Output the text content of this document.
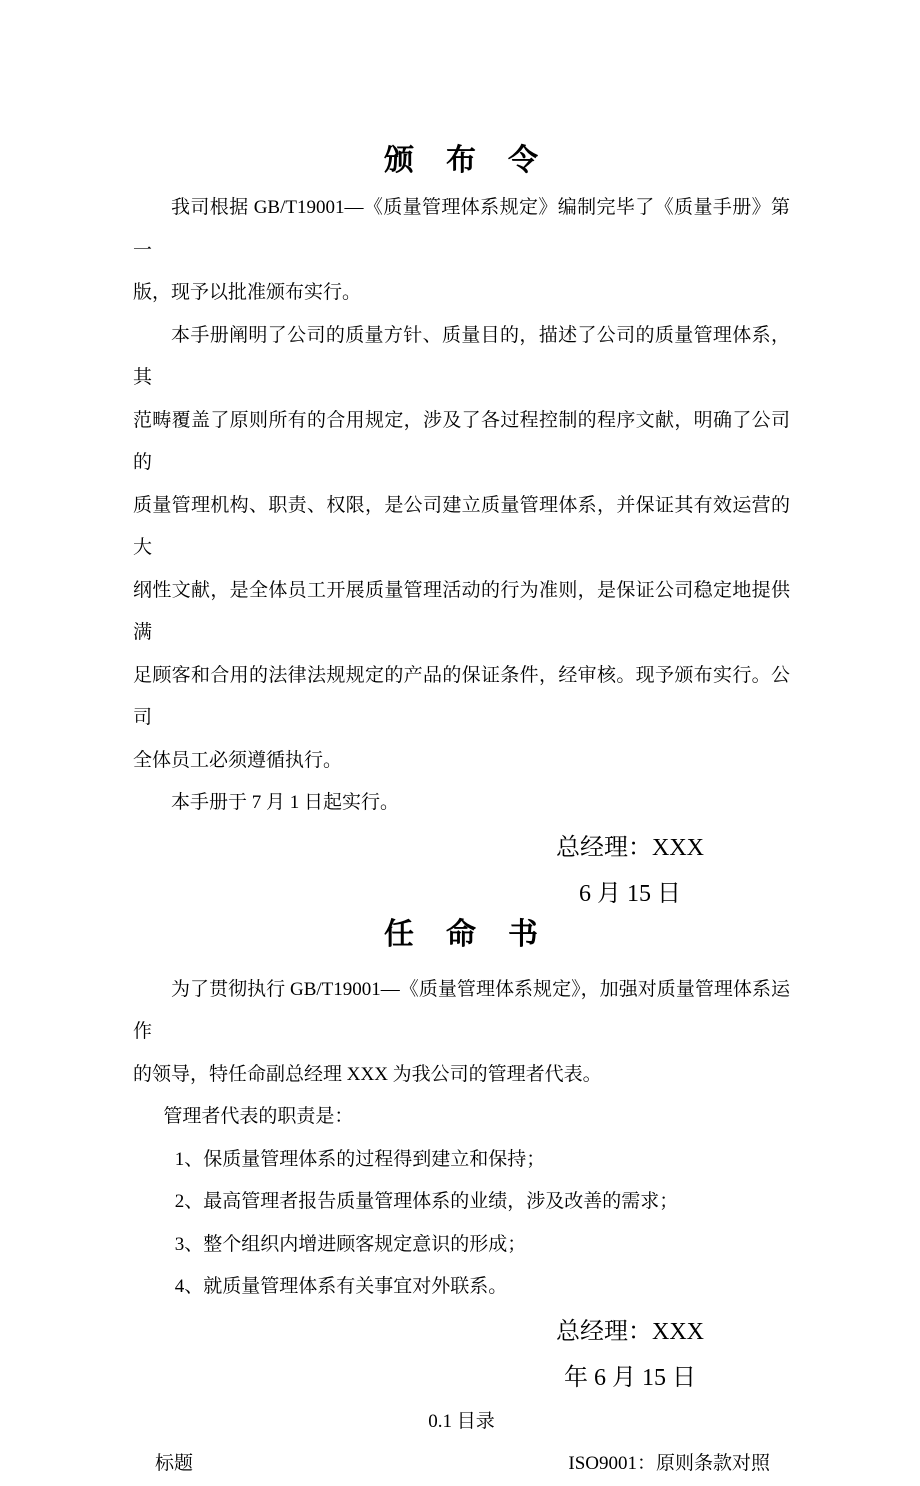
颁　布　令
我司根据 GB/T19001—《质量管理体系规定》编制完毕了《质量手册》第一
版，现予以批准颁布实行。
本手册阐明了公司的质量方针、质量目的，描述了公司的质量管理体系，其
范畴覆盖了原则所有的合用规定，涉及了各过程控制的程序文献，明确了公司的
质量管理机构、职责、权限，是公司建立质量管理体系，并保证其有效运营的大
纲性文献，是全体员工开展质量管理活动的行为准则，是保证公司稳定地提供满
足顾客和合用的法律法规规定的产品的保证条件，经审核。现予颁布实行。公司
全体员工必须遵循执行。
本手册于 7 月 1 日起实行。
总经理：XXX
6 月 15 日
任　命　书
为了贯彻执行 GB/T19001—《质量管理体系规定》，加强对质量管理体系运作
的领导，特任命副总经理 XXX 为我公司的管理者代表。
管理者代表的职责是：
1、保质量管理体系的过程得到建立和保持；
2、最高管理者报告质量管理体系的业绩，涉及改善的需求；
3、整个组织内增进顾客规定意识的形成；
4、就质量管理体系有关事宜对外联系。
总经理：XXX
年 6 月 15 日
0.1 目录
标题	ISO9001：原则条款对照
